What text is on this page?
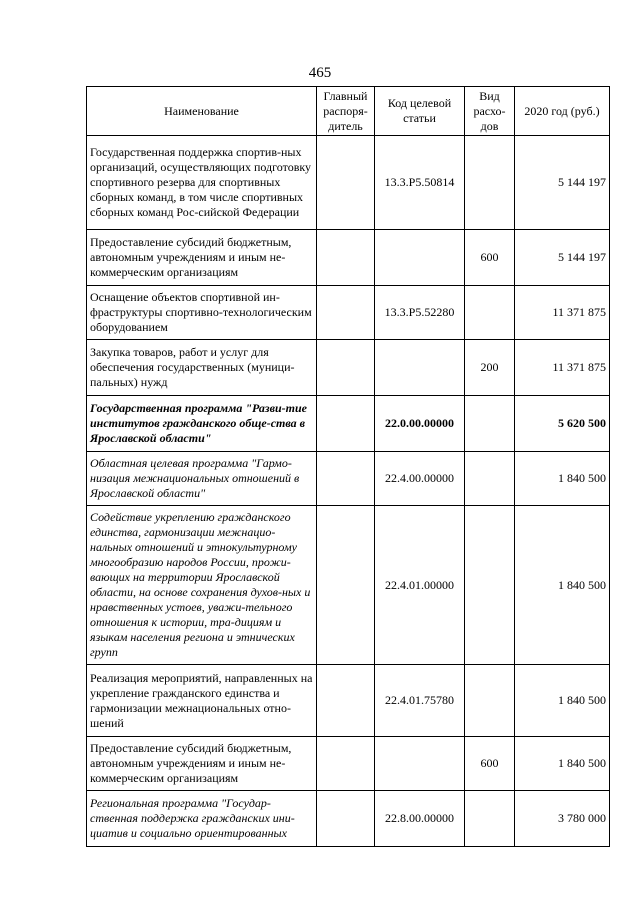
465
Наименование	Главный распоря-дитель	Код целевой статьи	Вид расхо-дов	2020 год (руб.)
Государственная поддержка спортив-ных организаций, осуществляющих подготовку спортивного резерва для спортивных сборных команд, в том числе спортивных сборных команд Рос-сийской Федерации		13.3.P5.50814		5 144 197
Предоставление субсидий бюджетным, автономным учреждениям и иным не-коммерческим организациям			600	5 144 197
Оснащение объектов спортивной ин-фраструктуры спортивно-технологическим оборудованием		13.3.P5.52280		11 371 875
Закупка товаров, работ и услуг для обеспечения государственных (муници-пальных) нужд			200	11 371 875
Государственная программа "Разви-тие институтов гражданского обще-ства в Ярославской области"		22.0.00.00000		5 620 500
Областная целевая программа "Гармо-низация межнациональных отношений в Ярославской области"		22.4.00.00000		1 840 500
Содействие укреплению гражданского единства, гармонизации межнацио-нальных отношений и этнокультурному многообразию народов России, прожи-вающих на территории Ярославской области, на основе сохранения духов-ных и нравственных устоев, уважи-тельного отношения к истории, тра-дициям и языкам населения региона и этнических групп		22.4.01.00000		1 840 500
Реализация мероприятий, направленных на укрепление гражданского единства и гармонизации межнациональных отно-шений		22.4.01.75780		1 840 500
Предоставление субсидий бюджетным, автономным учреждениям и иным не-коммерческим организациям			600	1 840 500
Региональная программа "Государ-ственная поддержка гражданских ини-циатив и социально ориентированных		22.8.00.00000		3 780 000
